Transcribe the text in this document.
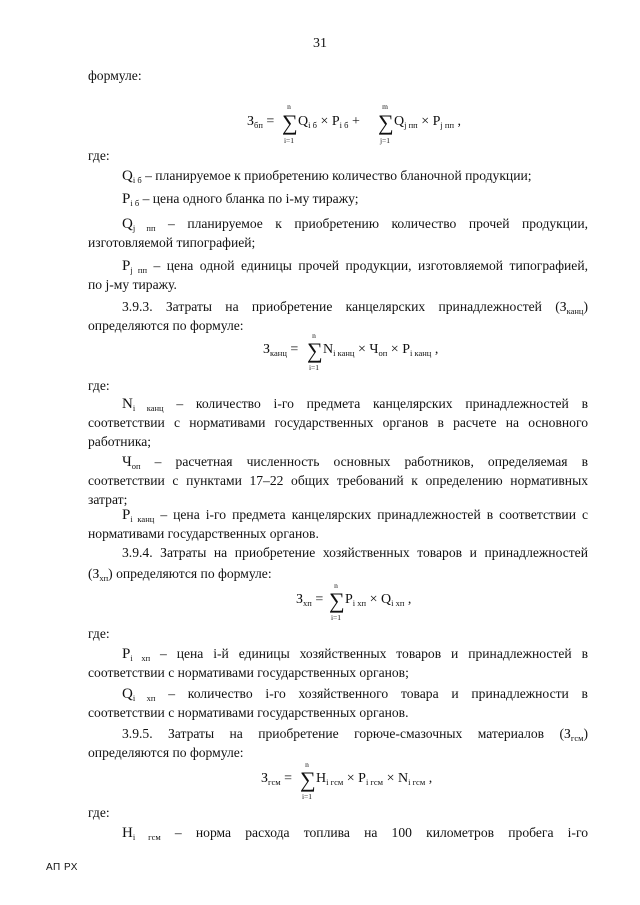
31
формуле:
$З_{бп}$ =
n
∑
i=1
$Q_{i б} \times P_{i б}$ +
m
∑
j=1
$Q_{j пп} \times P_{j пп}$ ,
где:
$Q_{i б}$ – планируемое к приобретению количество бланочной продукции;
$P_{i б}$ – цена одного бланка по i-му тиражу;
$Q_{j пп}$ – планируемое к приобретению количество прочей продукции,
изготовляемой типографией;
$P_{j пп}$ – цена одной единицы прочей продукции, изготовляемой типографией,
по j-му тиражу.
3.9.3. Затраты на приобретение канцелярских принадлежностей $(З_{канц})$
определяются по формуле:
$З_{канц}$ =
n
∑
i=1
$N_{i канц} \times Ч_{оп} \times P_{i канц}$ ,
где:
$N_{i канц}$ – количество i-го предмета канцелярских принадлежностей в
соответствии с нормативами государственных органов в расчете на основного
работника;
$Ч_{оп}$ – расчетная численность основных работников, определяемая в
соответствии с пунктами 17–22 общих требований к определению нормативных
затрат;
$P_{i канц}$ – цена i-го предмета канцелярских принадлежностей в соответствии с
нормативами государственных органов.
3.9.4. Затраты на приобретение хозяйственных товаров и принадлежностей
$(З_{хп})$ определяются по формуле:
$З_{хп}$ =
n
∑
i=1
$P_{i хп} \times Q_{i хп}$ ,
где:
$P_{i хп}$ – цена i-й единицы хозяйственных товаров и принадлежностей в
соответствии с нормативами государственных органов;
$Q_{i хп}$ – количество i-го хозяйственного товара и принадлежности в
соответствии с нормативами государственных органов.
3.9.5. Затраты на приобретение горюче-смазочных материалов $(З_{гсм})$
определяются по формуле:
$З_{гсм}$ =
n
∑
i=1
$H_{i гсм} \times P_{i гсм} \times N_{i гсм}$ ,
где:
$H_{i гсм}$ – норма расхода топлива на 100 километров пробега i-го
АП РХ
